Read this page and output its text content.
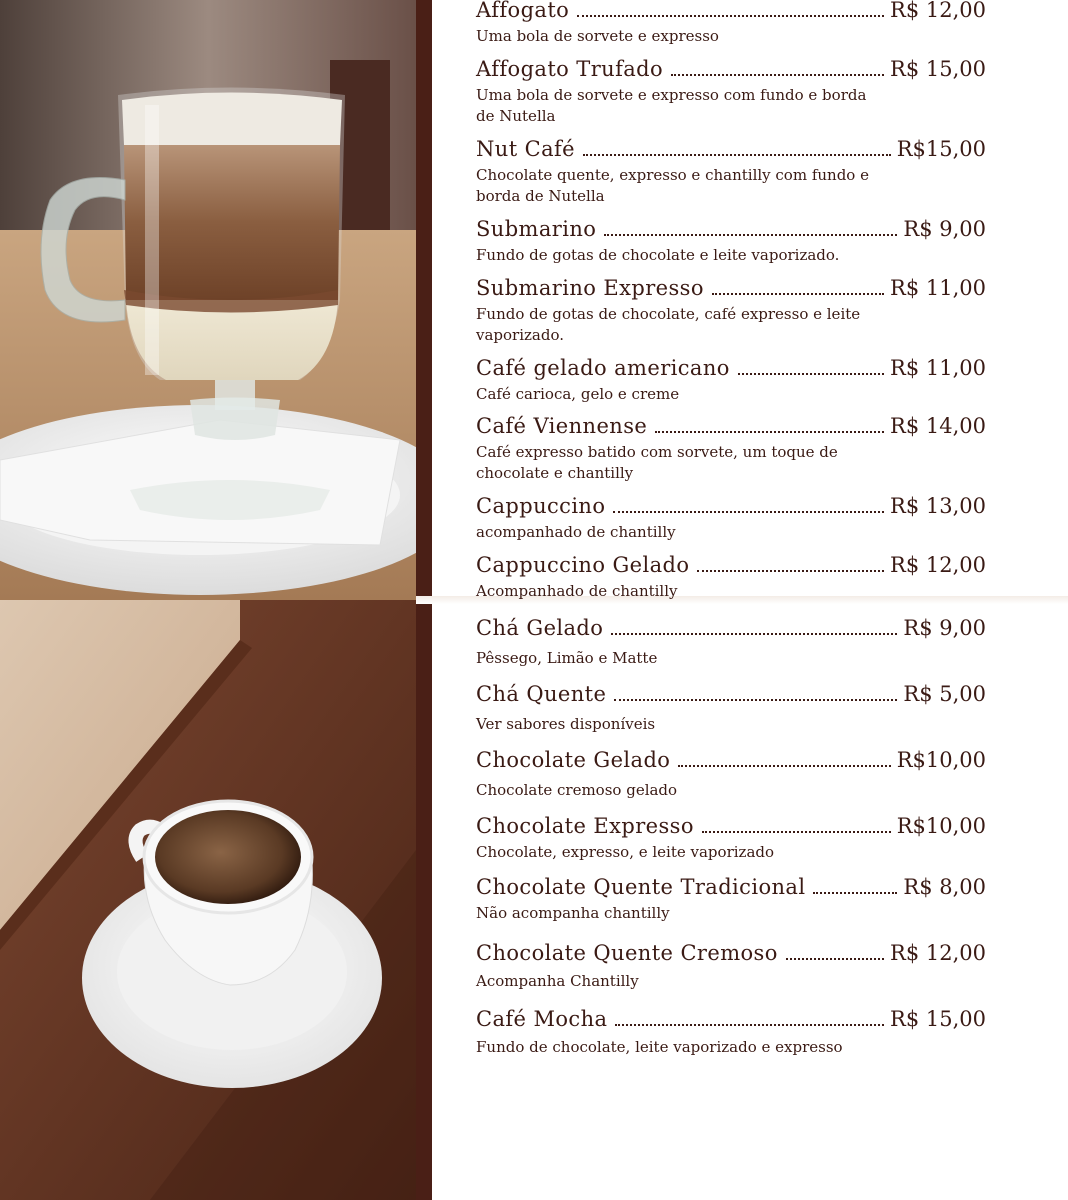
Affogato	R$ 12,00
Uma bola de sorvete e expresso
Affogato Trufado	R$ 15,00
Uma bola de sorvete e expresso com fundo e borda de Nutella
Nut Café	R$15,00
Chocolate quente, expresso e chantilly com fundo e borda de Nutella
Submarino	R$ 9,00
Fundo de gotas de chocolate e leite vaporizado.
Submarino Expresso	R$ 11,00
Fundo de gotas de chocolate, café expresso e leite vaporizado.
Café gelado americano	R$ 11,00
Café carioca, gelo e creme
Café Viennense	R$ 14,00
Café expresso batido com sorvete, um toque de chocolate e chantilly
Cappuccino	R$ 13,00
acompanhado de chantilly
Cappuccino Gelado	R$ 12,00
Acompanhado de chantilly
Chá Gelado	R$ 9,00
Pêssego, Limão e Matte
Chá Quente	R$ 5,00
Ver sabores disponíveis
Chocolate Gelado	R$10,00
Chocolate cremoso gelado
Chocolate Expresso	R$10,00
Chocolate, expresso, e leite vaporizado
Chocolate Quente Tradicional	R$ 8,00
Não acompanha chantilly
Chocolate Quente Cremoso	R$ 12,00
Acompanha Chantilly
Café Mocha	R$ 15,00
Fundo de chocolate, leite vaporizado e expresso
